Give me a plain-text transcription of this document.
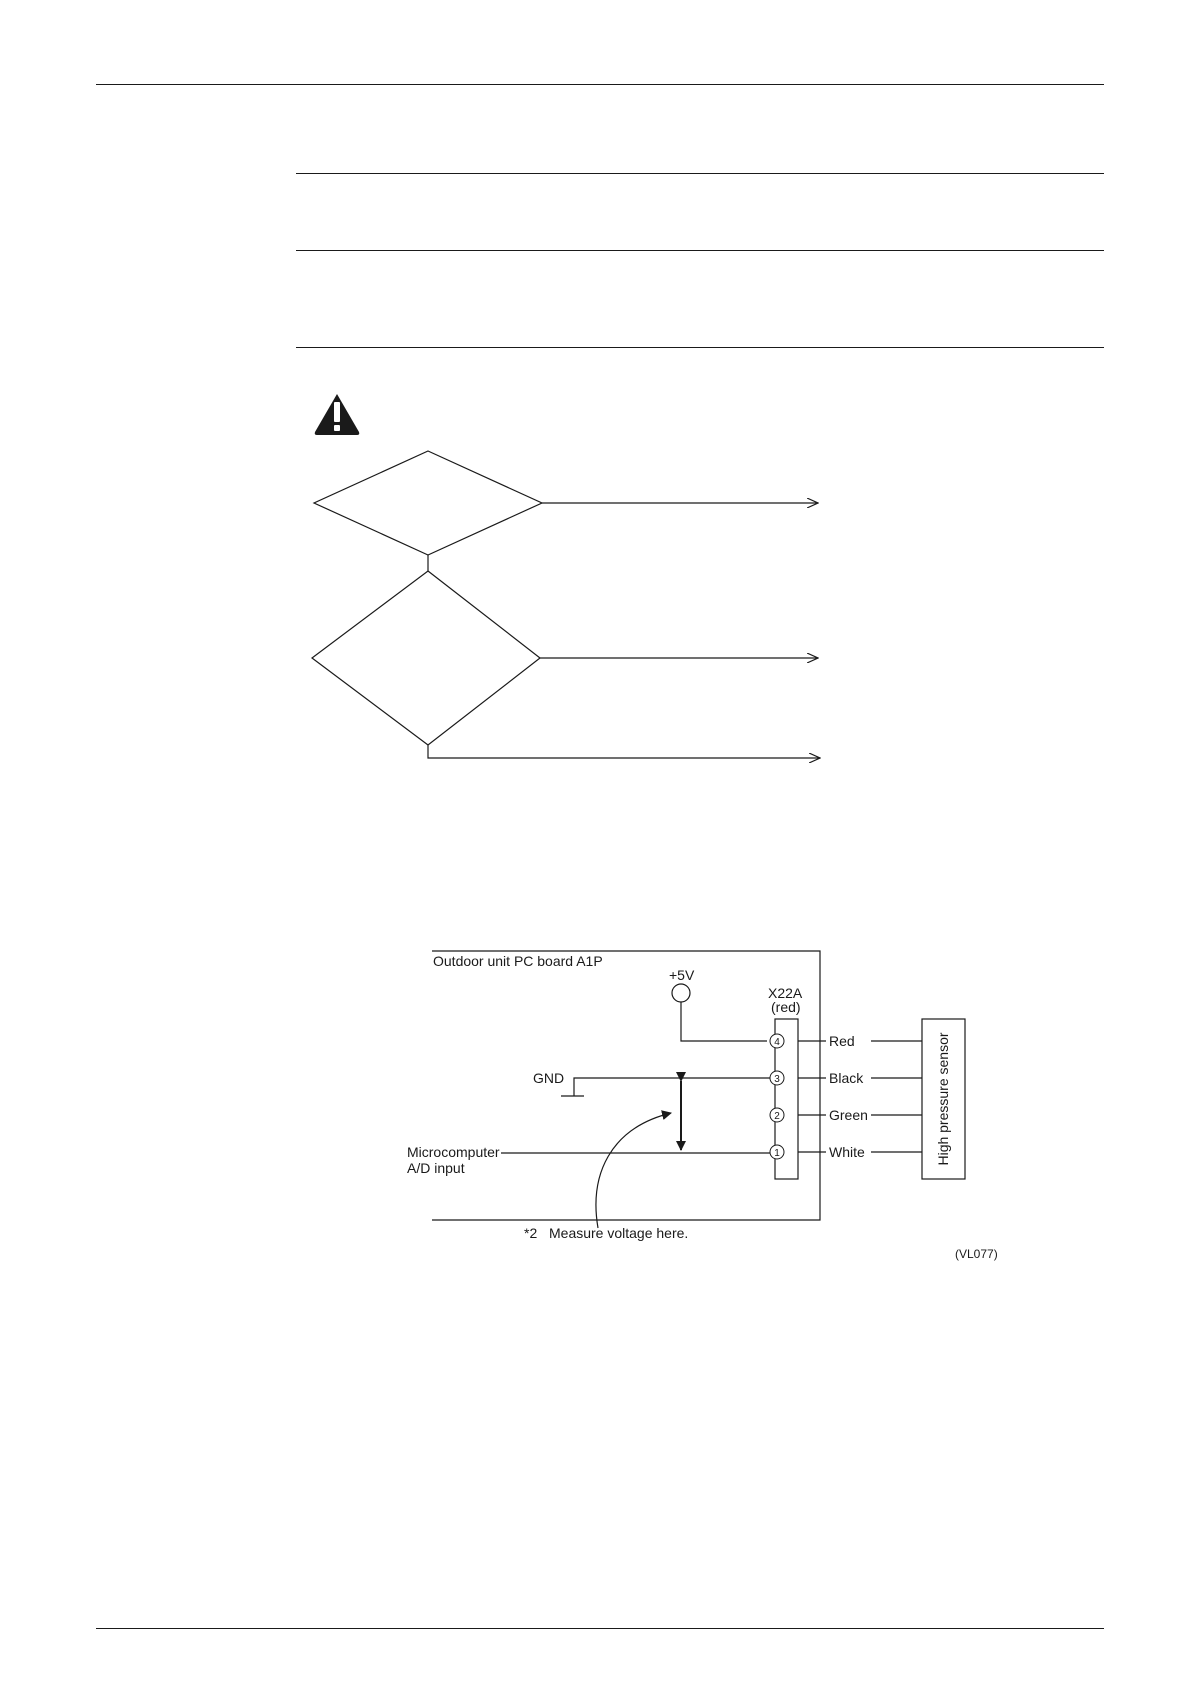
Outdoor unit PC board A1P
+5V
X22A
(red)
4
3
2
1
GND
Microcomputer
A/D input
*2 Measure voltage here.
Red
Black
Green
White	High pressure sensor
(VL077)
